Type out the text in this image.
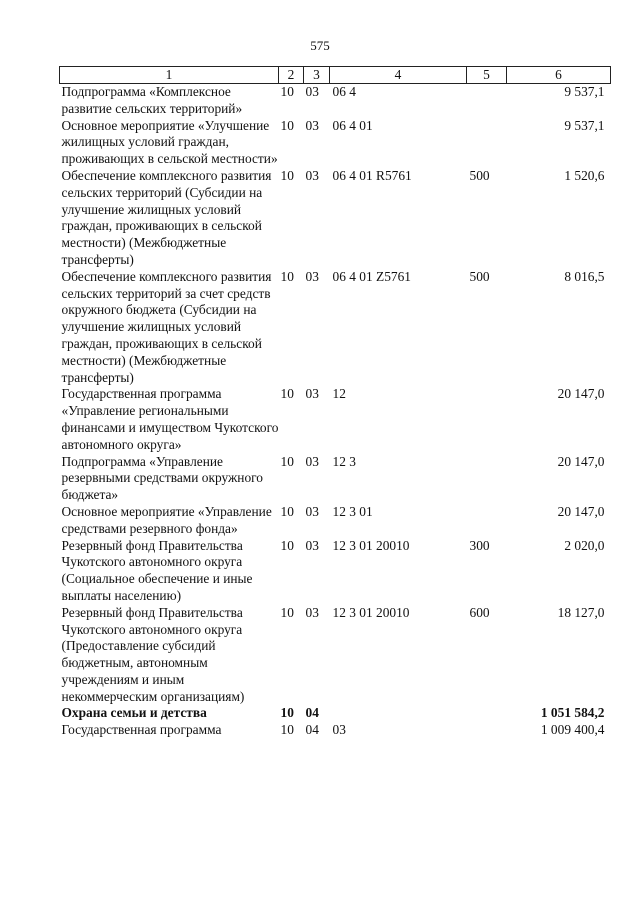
575
1	2	3	4	5	6
Подпрограмма «Комплексное развитие сельских территорий»	10	03	06 4		9 537,1
Основное мероприятие «Улучшение жилищных условий граждан, проживающих в сельской местности»	10	03	06 4 01		9 537,1
Обеспечение комплексного развития сельских территорий (Субсидии на улучшение жилищных условий граждан, проживающих в сельской местности) (Межбюджетные трансферты)	10	03	06 4 01 R5761	500	1 520,6
Обеспечение комплексного развития сельских территорий за счет средств окружного бюджета (Субсидии на улучшение жилищных условий граждан, проживающих в сельской местности) (Межбюджетные трансферты)	10	03	06 4 01 Z5761	500	8 016,5
Государственная программа «Управление региональными финансами и имуществом Чукотского автономного округа»	10	03	12		20 147,0
Подпрограмма «Управление резервными средствами окружного бюджета»	10	03	12 3		20 147,0
Основное мероприятие «Управление средствами резервного фонда»	10	03	12 3 01		20 147,0
Резервный фонд Правительства Чукотского автономного округа (Социальное обеспечение и иные выплаты населению)	10	03	12 3 01 20010	300	2 020,0
Резервный фонд Правительства Чукотского автономного округа (Предоставление субсидий бюджетным, автономным учреждениям и иным некоммерческим организациям)	10	03	12 3 01 20010	600	18 127,0
Охрана семьи и детства	10	04			1 051 584,2
Государственная программа	10	04	03		1 009 400,4
